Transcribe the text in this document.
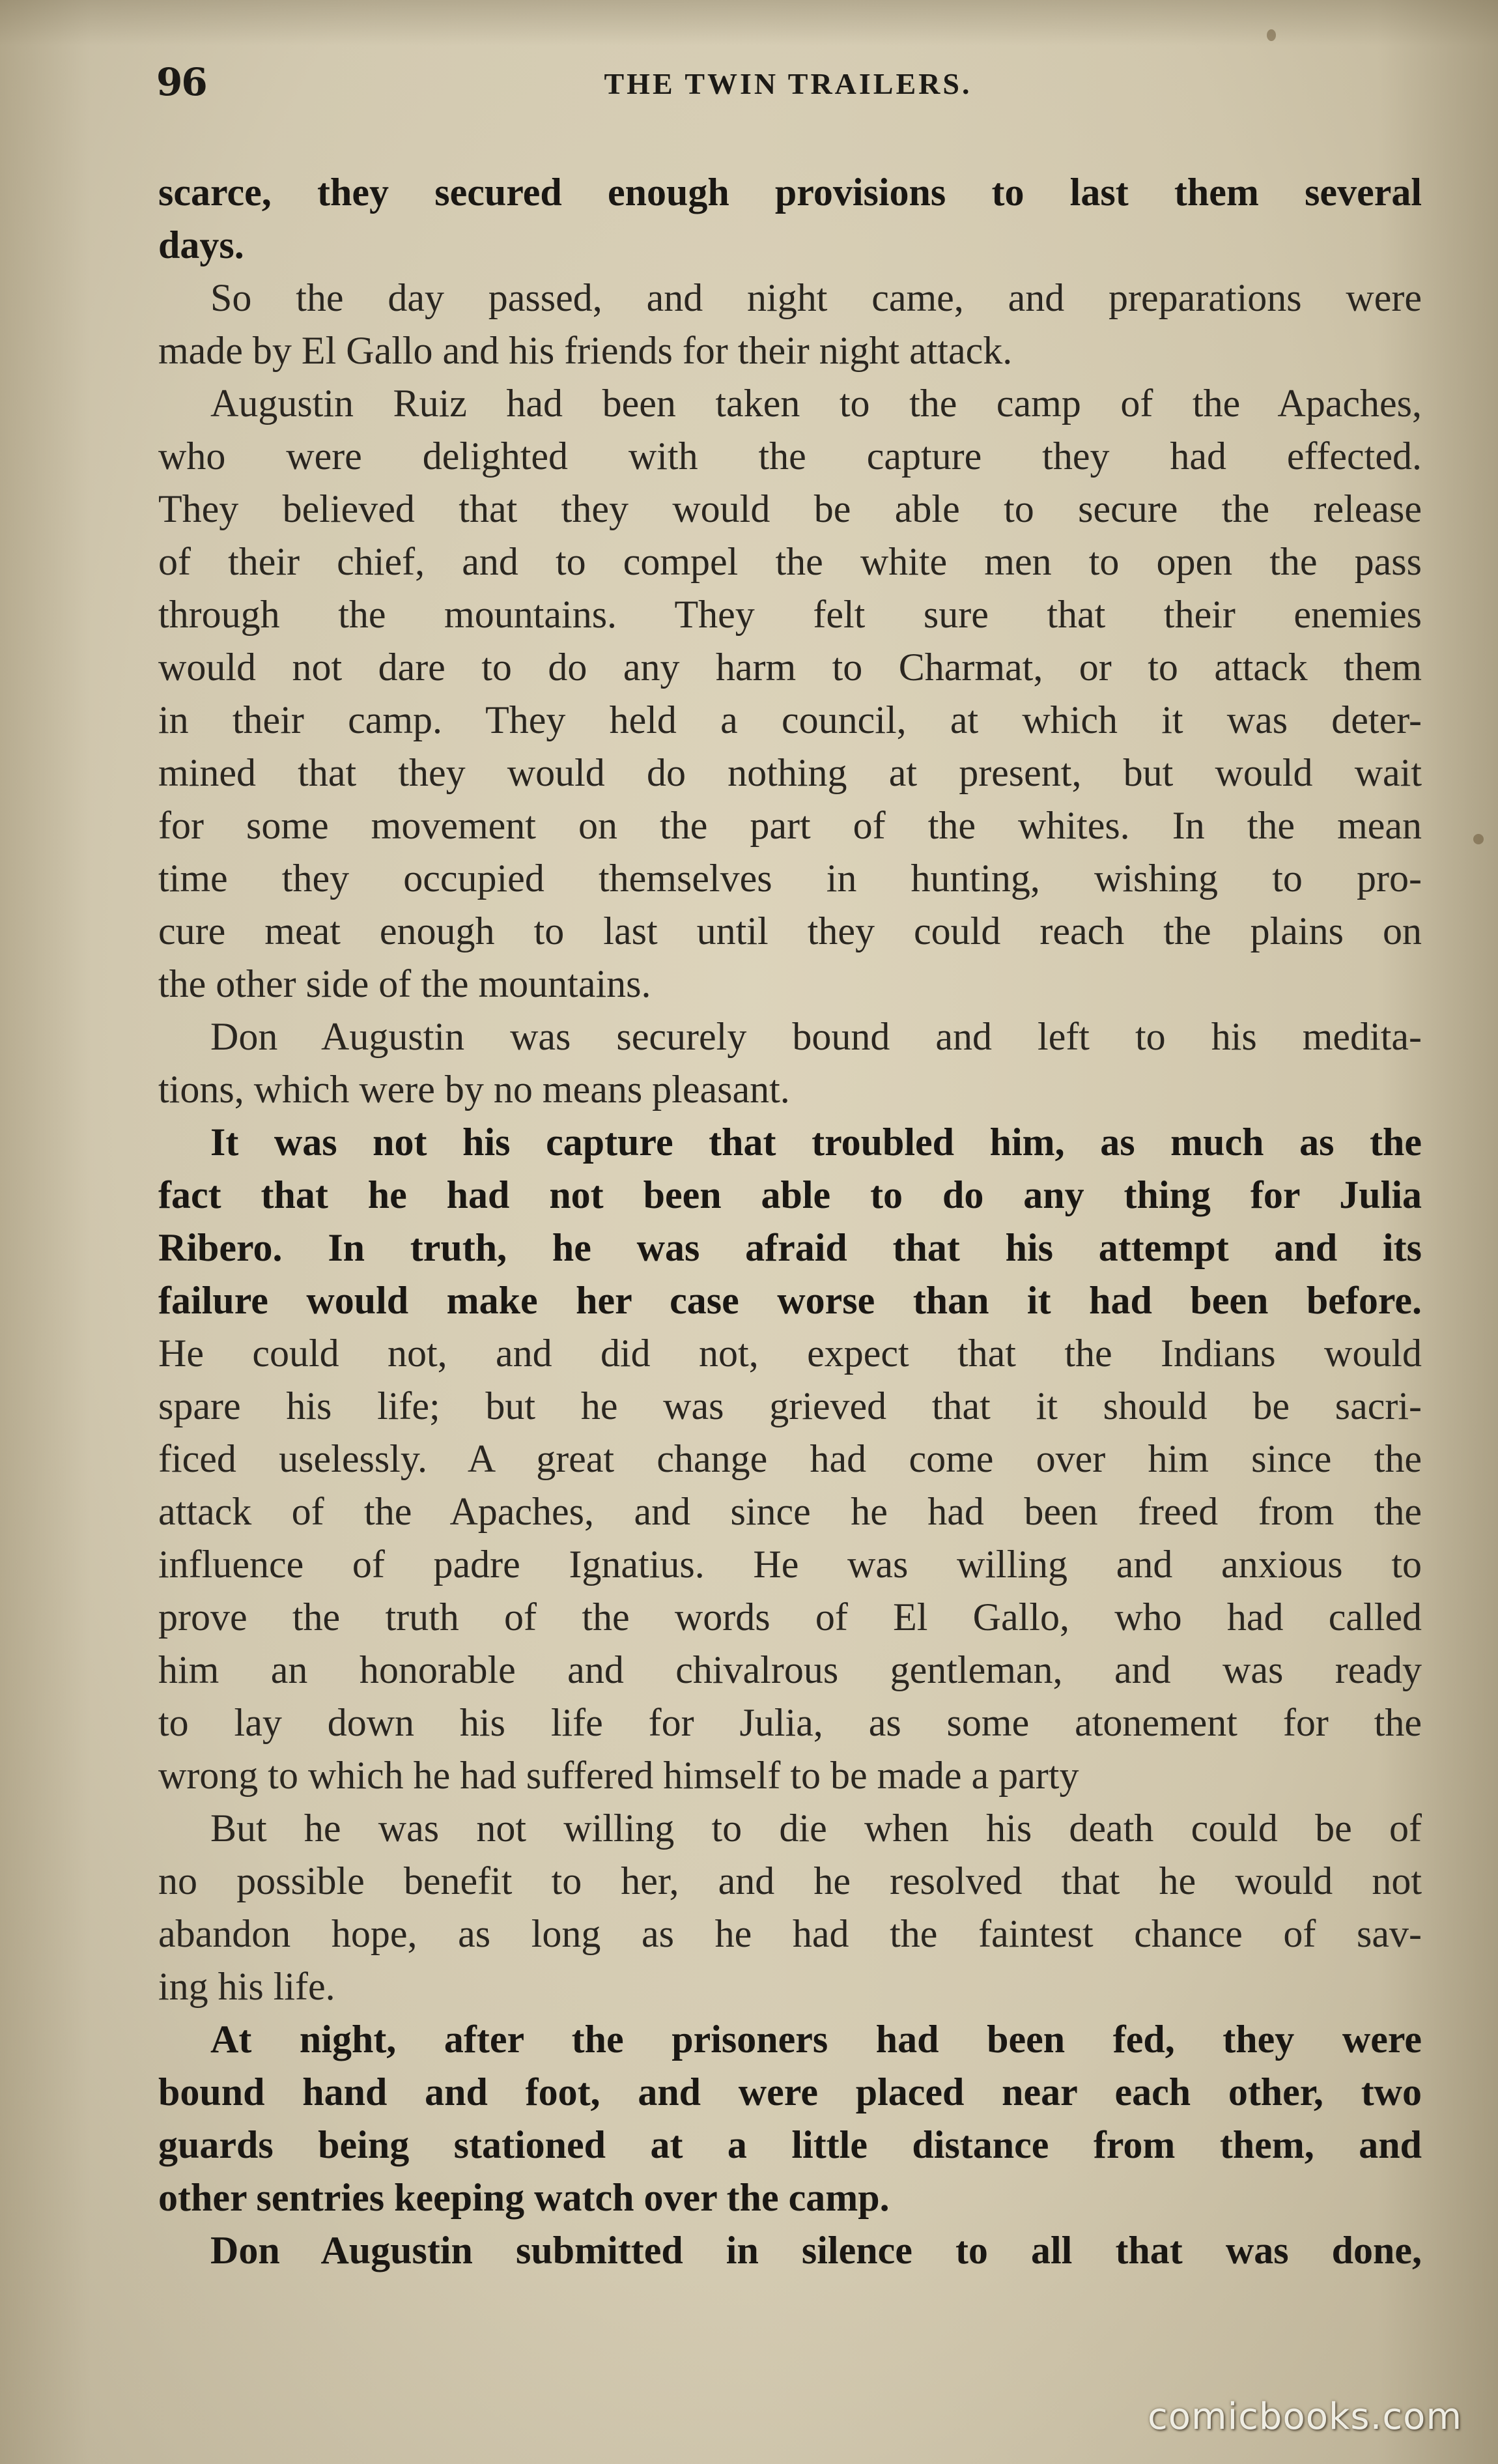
96	THE TWIN TRAILERS.
scarce, they secured enough provisions to last them several
days.
So the day passed, and night came, and preparations were
made by El Gallo and his friends for their night attack.
Augustin Ruiz had been taken to the camp of the Apaches,
who were delighted with the capture they had effected.
They believed that they would be able to secure the release
of their chief, and to compel the white men to open the pass
through the mountains. They felt sure that their enemies
would not dare to do any harm to Charmat, or to attack them
in their camp. They held a council, at which it was deter-
mined that they would do nothing at present, but would wait
for some movement on the part of the whites. In the mean
time they occupied themselves in hunting, wishing to pro-
cure meat enough to last until they could reach the plains on
the other side of the mountains.
Don Augustin was securely bound and left to his medita-
tions, which were by no means pleasant.
It was not his capture that troubled him, as much as the
fact that he had not been able to do any thing for Julia
Ribero. In truth, he was afraid that his attempt and its
failure would make her case worse than it had been before.
He could not, and did not, expect that the Indians would
spare his life; but he was grieved that it should be sacri-
ficed uselessly. A great change had come over him since the
attack of the Apaches, and since he had been freed from the
influence of padre Ignatius. He was willing and anxious to
prove the truth of the words of El Gallo, who had called
him an honorable and chivalrous gentleman, and was ready
to lay down his life for Julia, as some atonement for the
wrong to which he had suffered himself to be made a party
But he was not willing to die when his death could be of
no possible benefit to her, and he resolved that he would not
abandon hope, as long as he had the faintest chance of sav-
ing his life.
At night, after the prisoners had been fed, they were
bound hand and foot, and were placed near each other, two
guards being stationed at a little distance from them, and
other sentries keeping watch over the camp.
Don Augustin submitted in silence to all that was done,
comicbooks.com
